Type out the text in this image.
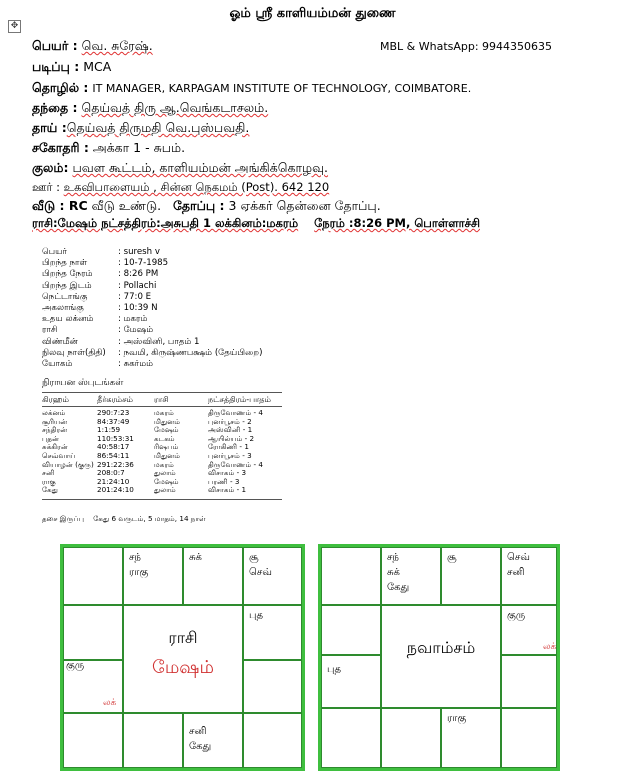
✥
ஓம் ஸ்ரீ காளியம்மன் துணை
பெயர் : வெ. சுரேஷ்.	MBL & WhatsApp: 9944350635
படிப்பு : MCA
தொழில் : IT MANAGER, KARPAGAM INSTITUTE OF TECHNOLOGY, COIMBATORE.
தந்தை : தெய்வத் திரு ஆ.வெங்கடாசலம்.
தாய் :தெய்வத் திருமதி வெ.புஸ்பவதி.
சகோதரி : அக்கா 1 - சுபம்.
குலம்: பவள கூட்டம், காளியம்மன் அங்கிக்கொழவு.
ஊர் : உகவிபாளையம் , சின்ன நெகமம் (Post). 642 120
வீடு : RC வீடு உண்டு. தோப்பு : 3 ஏக்கர் தென்னை தோப்பு.
ராசி:மேஷம் நட்சத்திரம்:அசுபதி 1 லக்கினம்:மகரம் நேரம் :8:26 PM, பொள்ளாச்சி
பெயர்	: suresh v
பிறந்த நாள்	: 10-7-1985
பிறந்த நேரம்	: 8:26 PM
பிறந்த இடம்	: Pollachi
நெட்டாங்கு	: 77:0 E
அகலாங்கு	: 10:39 N
உதய லக்னம்	: மகரம்
ராசி	: மேஷம்
விண்மீன்	: அஸ்வினி, பாதம் 1
நிலவு நாள்(திதி) : நவமி, கிருஷ்ணபக்ஷம் (தேய்பிறை)
யோகம்	: சுகர்மம்
நிராயன ஸ்புடங்கள்
கிரஹம்	தீர்கரம்சம்	ராசி	நட்சத்திரம்-பாதம்
லக்னம்	290:7:23	மகரம்	திருவோணம் - 4
சூரியன்	84:37:49	மிதுனம்	புனர்பூசம் - 2
சந்திரன்	1:1:59	மேஷம்	அஸ்வினி - 1
புதன்	110:53:31	கடகம்	ஆயில்யம் - 2
சுக்கிரன்	40:58:17	ரிஷபம்	ரோகிணி - 1
செவ்வாய்	86:54:11	மிதுனம்	புனர்பூசம் - 3
வியாழன் (குரு) 291:22:36	மகரம்	திருவோணம் - 4
சனி	208:0:7	துலாம்	விசாகம் - 3
ராகு	21:24:10	மேஷம்	பரணி - 3
கேது	201:24:10	துலாம்	விசாகம் - 1
தசை இருப்பு கேது 6 வருடம், 5 மாதம், 14 நாள்
சந்
ராகு
சுக்	சூ
செவ்
புத
சனி
கேது
குரு
லக்
ராசி
மேஷம்
சந்
சுக்
கேது
சூ	செவ்
சனி
குரு
லக்
புத
ராகு
நவாம்சம்
